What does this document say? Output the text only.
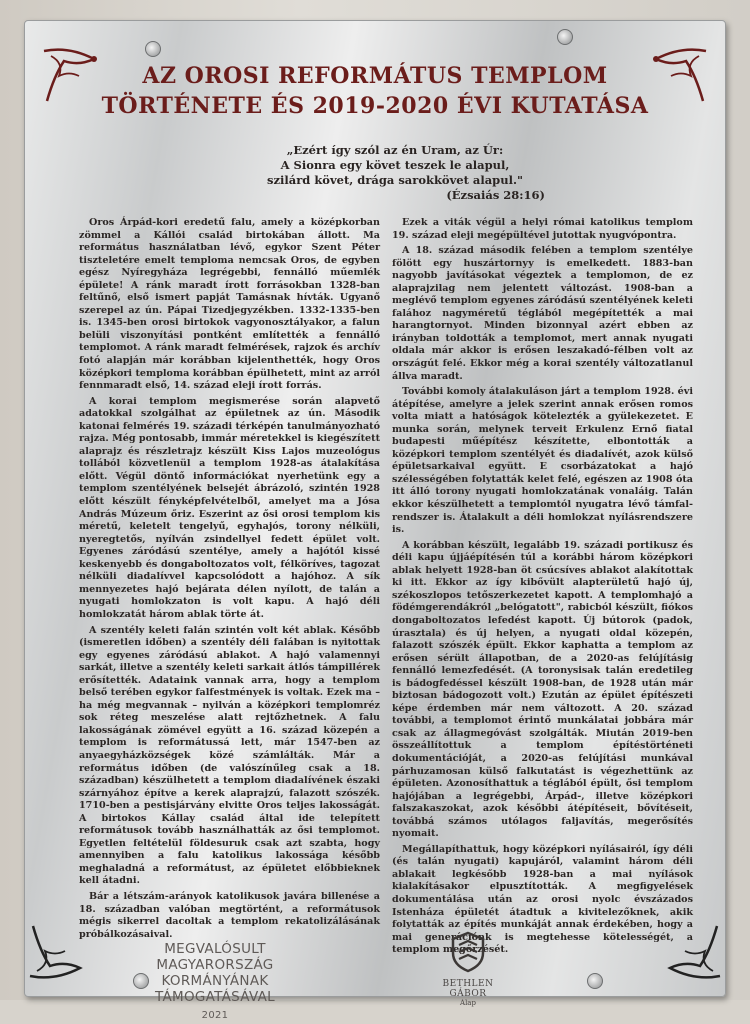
AZ OROSI REFORMÁTUS TEMPLOM
TÖRTÉNETE ÉS 2019-2020 ÉVI KUTATÁSA
„Ezért így szól az én Uram, az Úr:
A Sionra egy követ teszek le alapul,
szilárd követ, drága sarokkövet alapul."
(Ézsaiás 28:16)

Oros Árpád-kori eredetű falu, amely a középkorban zömmel a Kállói család birtokában állott. Ma református használatban lévő, egykor Szent Péter tiszteletére emelt temploma nemcsak Oros, de egyben egész Nyíregyháza legrégebbi, fennálló műemlék épülete! A ránk maradt írott forrásokban 1328-ban feltűnő, első ismert papját Tamásnak hívták. Ugyanő szerepel az ún. Pápai Tizedjegyzékben. 1332-1335-ben is. 1345-ben orosi birtokok vagyonosztályakor, a falun belüli viszonyítási pontként említették a fennálló templomot. A ránk maradt felmérések, rajzok és archív fotó alapján már korábban kijelenthették, hogy Oros középkori temploma korábban épülhetett, mint az arról fennmaradt első, 14. század eleji írott forrás.

A korai templom megismerése során alapvető adatokkal szolgálhat az épületnek az ún. Második katonai felmérés 19. századi térképén tanulmányozható rajza. Még pontosabb, immár méretekkel is kiegészített alaprajz és részletrajz készült Kiss Lajos muzeológus tollából közvetlenül a templom 1928-as átalakítása előtt. Végül döntő információkat nyerhetünk egy a templom szentélyének belsejét ábrázoló, szintén 1928 előtt készült fényképfelvételből, amelyet ma a Jósa András Múzeum őriz. Eszerint az ősi orosi templom kis méretű, keletelt tengelyű, egyhajós, torony nélküli, nyeregtetős, nyílván zsindellyel fedett épület volt. Egyenes záródású szentélye, amely a hajótól kissé keskenyebb és dongaboltozatos volt, félköríves, tagozat nélküli diadalívvel kapcsolódott a hajóhoz. A sík mennyezetes hajó bejárata délen nyílott, de talán a nyugati homlokzaton is volt kapu. A hajó déli homlokzatát három ablak törte át.

A szentély keleti falán szintén volt két ablak. Később (ismeretlen időben) a szentély déli falában is nyitottak egy egyenes záródású ablakot. A hajó valamennyi sarkát, illetve a szentély keleti sarkait átlós támpillérek erősítették. Adataink vannak arra, hogy a templom belső terében egykor falfestmények is voltak. Ezek ma – ha még megvannak – nyilván a középkori templomréz sok réteg meszelése alatt rejtőzhetnek. A falu lakosságának zömével együtt a 16. század közepén a templom is reformátussá lett, már 1547-ben az anyaegyházközségek közé számlálták. Már a református időben (de valószínűleg csak a 18. században) készülhetett a templom diadalívének északi szárnyához építve a kerek alaprajzú, falazott szószék. 1710-ben a pestisjárvány elvitte Oros teljes lakosságát. A birtokos Kállay család által ide telepített reformátusok tovább használhatták az ősi templomot. Egyetlen feltételül földesuruk csak azt szabta, hogy amennyiben a falu katolikus lakossága később meghaladná a reformátust, az épületet előbbieknek kell átadni.

Bár a létszám-arányok katolikusok javára billenése a 18. században valóban megtörtént, a reformátusok mégis sikerrel dacoltak a templom rekatolizálásának próbálkozásaival.

Ezek a viták végül a helyi római katolikus templom 19. század eleji megépültével jutottak nyugvópontra.

A 18. század második felében a templom szentélye fölött egy huszártornyу is emelkedett. 1883-ban nagyobb javításokat végeztek a templomon, de ez alaprajzilag nem jelentett változást. 1908-ban a meglévő templom egyenes záródású szentélyének keleti falához nagyméretű téglából megépítették a mai harangtornyot. Minden bizonnyal azért ebben az irányban toldották a templomot, mert annak nyugati oldala már akkor is erősen leszakadó-félben volt az országút felé. Ekkor még a korai szentély változatlanul állva maradt.

További komoly átalakuláson járt a templom 1928. évi átépítése, amelyre a jelek szerint annak erősen romos volta miatt a hatóságok kötelezték a gyülekezetet. E munka során, melynek terveit Erkulenz Ernő fiatal budapesti műépítész készítette, elbontották a középkori templom szentélyét és diadalívét, azok külső épületsarkaival együtt. E csorbázatokat a hajó szélességében folytatták kelet felé, egészen az 1908 óta itt álló torony nyugati homlokzatának vonaláig. Talán ekkor készülhetett a templomtól nyugatra lévő támfal-rendszer is. Átalakult a déli homlokzat nyílásrendszere is.

A korábban készült, legalább 19. századi portikusz és déli kapu újjáépítésén túl a korábbi három középkori ablak helyett 1928-ban öt csúcsíves ablakot alakítottak ki itt. Ekkor az így kibővült alapterületű hajó új, székoszlopos tetőszerkezetet kapott. A templomhajó a födémgerendákról „belógatott", rabicból készült, fiókos dongaboltozatos lefedést kapott. Új bútorok (padok, úrasztala) és új helyen, a nyugati oldal közepén, falazott szószék épült. Ekkor kaphatta a templom az erősen sérült állapotban, de a 2020-as felújításig fennálló lemezfedését. (A toronysisak talán eredetileg is bádogfedéssel készült 1908-ban, de 1928 után már biztosan bádogozott volt.) Ezután az épület építészeti képe érdemben már nem változott. A 20. század további, a templomot érintő munkálatai jobbára már csak az állagmegóvást szolgálták. Miután 2019-ben összeállítottuk a templom építéstörténeti dokumentációját, a 2020-as felújítási munkával párhuzamosan külső falkutatást is végezhettünk az épületen. Azonosíthattuk a téglából épült, ősi templom hajójában a legrégebbi, Árpád-, illetve középkori falszakaszokat, azok későbbi átépítéseit, bővítéseit, továbbá számos utólagos faljavítás, megerősítés nyomait.

Megállapíthattuk, hogy középkori nyílásairól, így déli (és talán nyugati) kapujáról, valamint három déli ablakait legkésőbb 1928-ban a mai nyílások kialakításakor elpusztították. A megfigyelések dokumentálása után az orosi nyolc évszázados Istenháza épületét átadtuk a kivitelezőknek, akik folytatták az építés munkáját annak érdekében, hogy a mai generációnk is megtehesse kötelességét, a templom megőrzését.

MEGVALÓSULT MAGYARORSZÁG
KORMÁNYÁNAK TÁMOGATÁSÁVAL
2021
BETHLEN GÁBOR
Alap
